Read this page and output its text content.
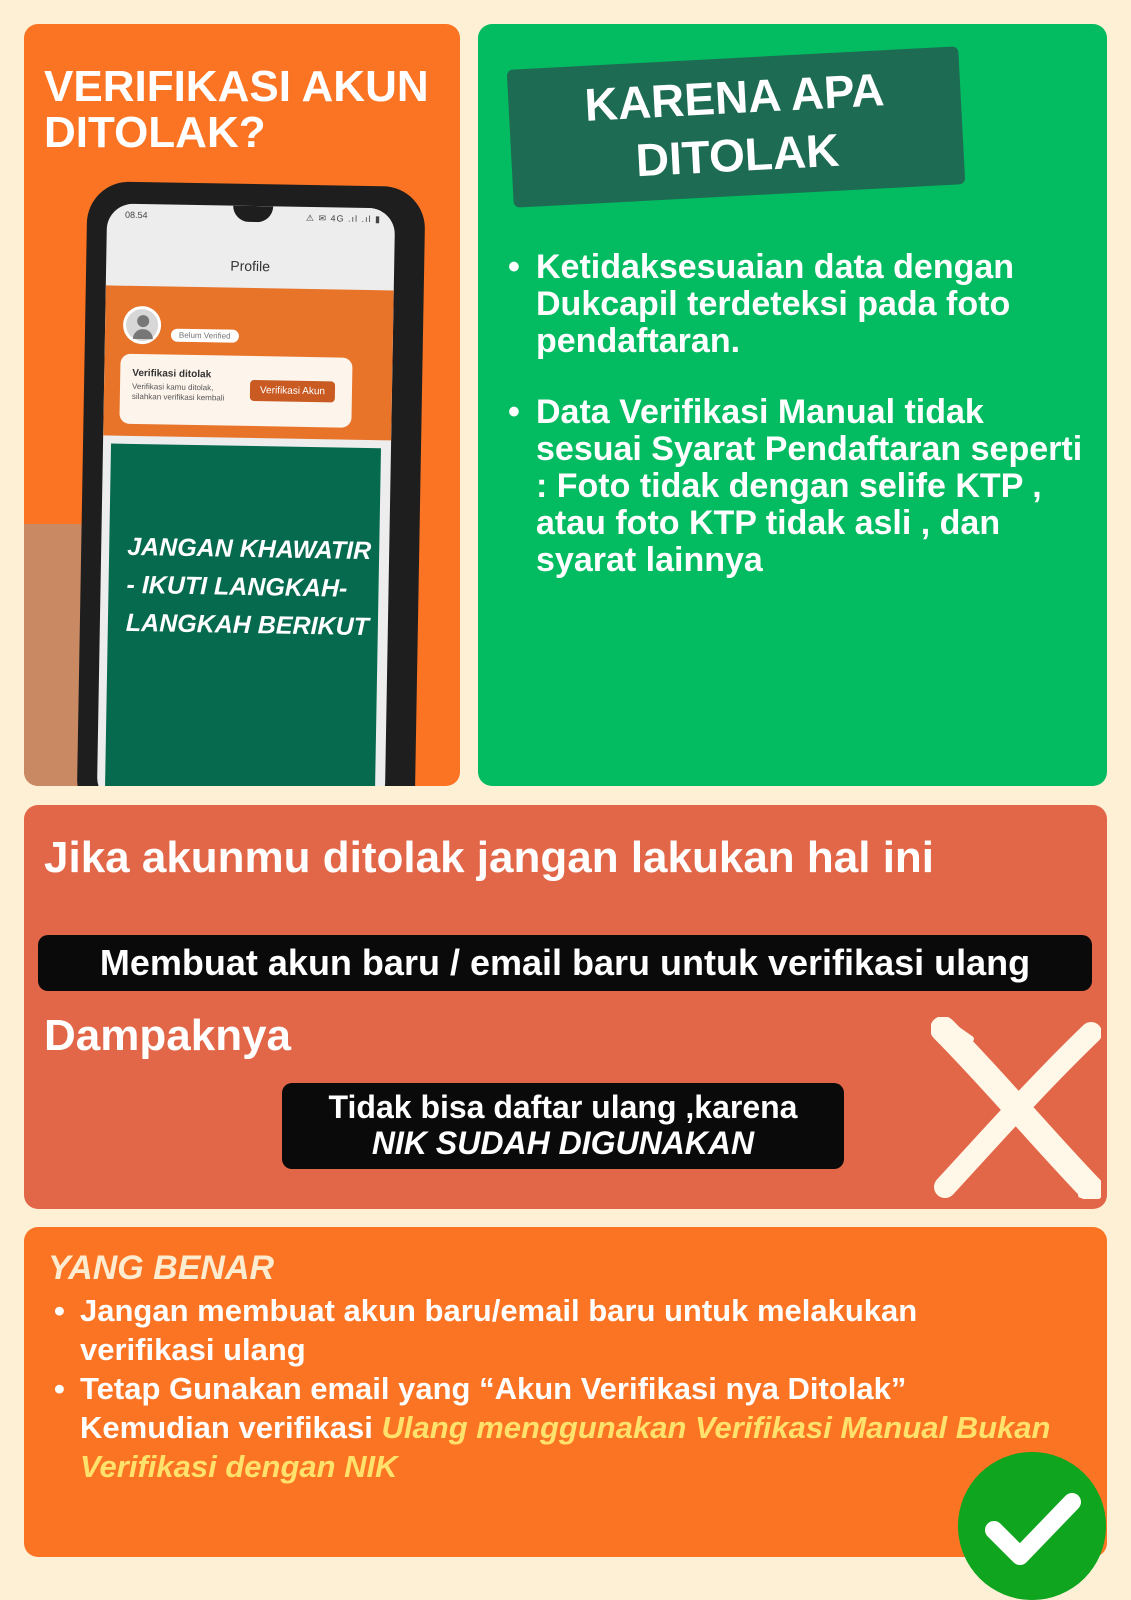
VERIFIKASI AKUN DITOLAK?
08.54	⚠ ✉ 4G .ıl .ıl ▮
Profile
Belum Verified
Verifikasi ditolak
Verifikasi kamu ditolak, silahkan verifikasi kembali	Verifikasi Akun
JANGAN KHAWATIR - IKUTI LANGKAH-LANGKAH BERIKUT
KARENA APA DITOLAK
• Ketidaksesuaian data dengan Dukcapil terdeteksi pada foto pendaftaran.
• Data Verifikasi Manual tidak sesuai Syarat Pendaftaran seperti : Foto tidak dengan selife KTP , atau foto KTP tidak asli , dan syarat lainnya
Jika akunmu ditolak jangan lakukan hal ini
Membuat akun baru / email baru untuk verifikasi ulang
Dampaknya
Tidak bisa daftar ulang ,karena
NIK SUDAH DIGUNAKAN
YANG BENAR
• Jangan membuat akun baru/email baru untuk melakukan verifikasi ulang
• Tetap Gunakan email yang “Akun Verifikasi nya Ditolak” Kemudian verifikasi Ulang menggunakan Verifikasi Manual Bukan Verifikasi dengan NIK
